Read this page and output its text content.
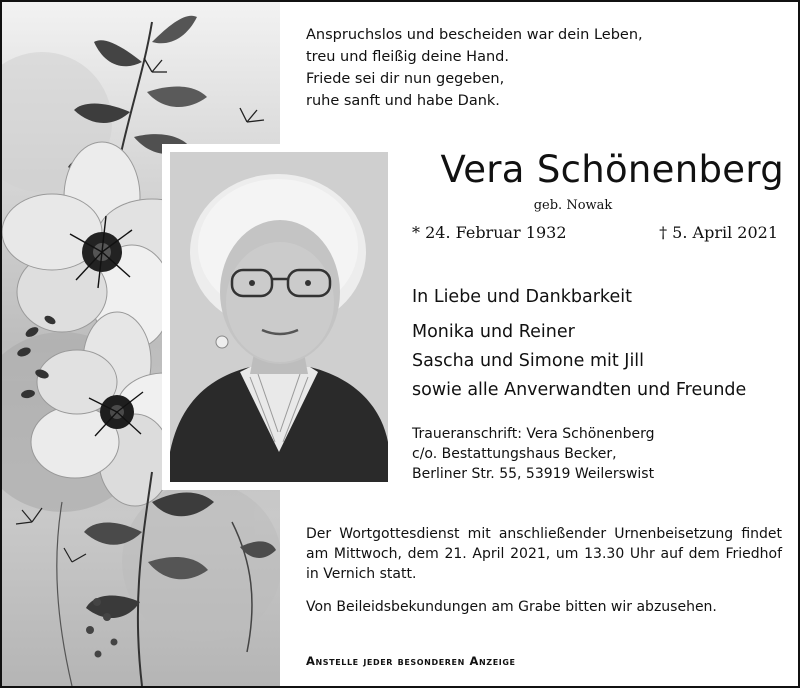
Anspruchslos und bescheiden war dein Leben,
treu und fleißig deine Hand.
Friede sei dir nun gegeben,
ruhe sanft und habe Dank.
Vera Schönenberg
geb. Nowak
* 24. Februar 1932	† 5. April 2021
In Liebe und Dankbarkeit
Monika und Reiner
Sascha und Simone mit Jill
sowie alle Anverwandten und Freunde
Traueranschrift: Vera Schönenberg
c/o. Bestattungshaus Becker,
Berliner Str. 55, 53919 Weilerswist
Der Wortgottesdienst mit anschließender Urnenbeisetzung findet am Mittwoch, dem 21. April 2021, um 13.30 Uhr auf dem Friedhof in Vernich statt.
Von Beileidsbekundungen am Grabe bitten wir abzusehen.
Anstelle jeder besonderen Anzeige
